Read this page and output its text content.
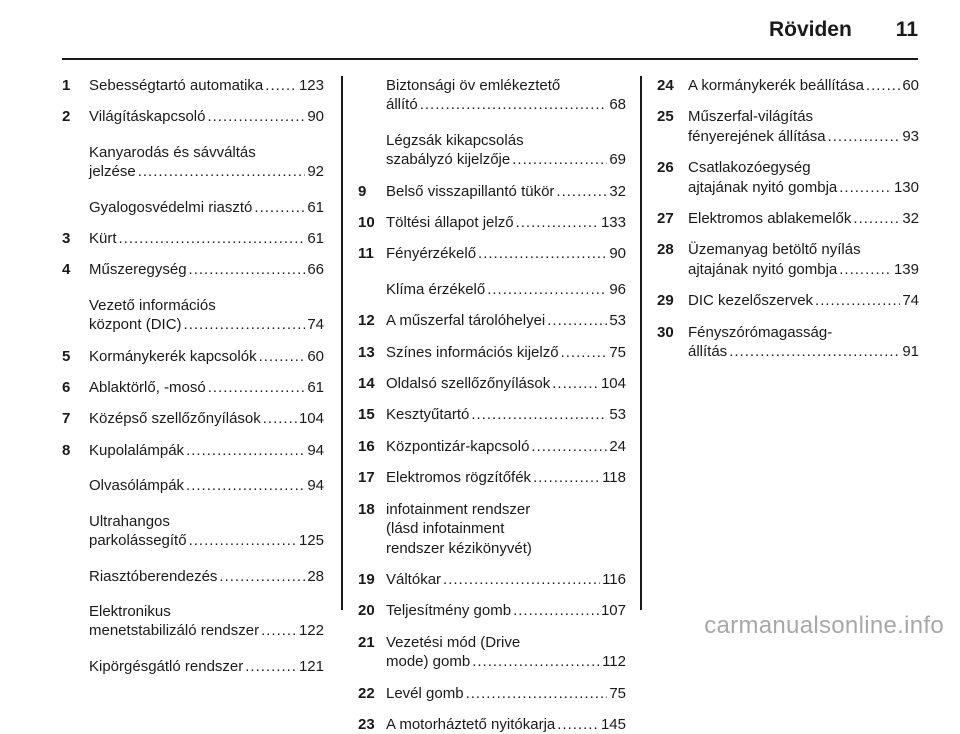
Röviden 11
1 Sebességtartó automatika ..... 123
2 Világításkapcsoló .....	90
Kanyarodás és sávváltás
jelzése .....	92
Gyalogosvédelmi riasztó .....	61
3 Kürt .....	61
4 Műszeregység .....	66
Vezető információs
központ (DIC) .....	74
5 Kormánykerék kapcsolók .....	60
6 Ablaktörlő, -mosó .....	61
7 Középső szellőzőnyílások .....	104
8 Kupolalámpák .....	94
Olvasólámpák .....	94
Ultrahangos
parkolássegítő .....	125
Riasztóberendezés .....	28
Elektronikus
menetstabilizáló rendszer .....	122
Kipörgésgátló rendszer .....	121
Biztonsági öv emlékeztető
állító .....	68
Légzsák kikapcsolás
szabályzó kijelzője .....	69
9 Belső visszapillantó tükör .....	32
10 Töltési állapot jelző .....	133
11 Fényérzékelő .....	90
Klíma érzékelő .....	96
12 A műszerfal tárolóhelyei .....	53
13 Színes információs kijelző .....	75
14 Oldalsó szellőzőnyílások .....	104
15 Kesztyűtartó .....	53
16 Központizár-kapcsoló .....	24
17 Elektromos rögzítőfék .....	118
18 infotainment rendszer
(lásd infotainment
rendszer kézikönyvét)
19 Váltókar .....	116
20 Teljesítmény gomb .....	107
21 Vezetési mód (Drive
mode) gomb .....	112
22 Levél gomb .....	75
23 A motorháztető nyitókarja .....	145
24 A kormánykerék beállítása .....	60
25 Műszerfal-világítás
fényerejének állítása .....	93
26 Csatlakozóegység
ajtajának nyitó gombja .....	130
27 Elektromos ablakemelők .....	32
28 Üzemanyag betöltő nyílás
ajtajának nyitó gombja .....	139
29 DIC kezelőszervek .....	74
30 Fényszórómagasság-
állítás .....	91
carmanualsonline.info
